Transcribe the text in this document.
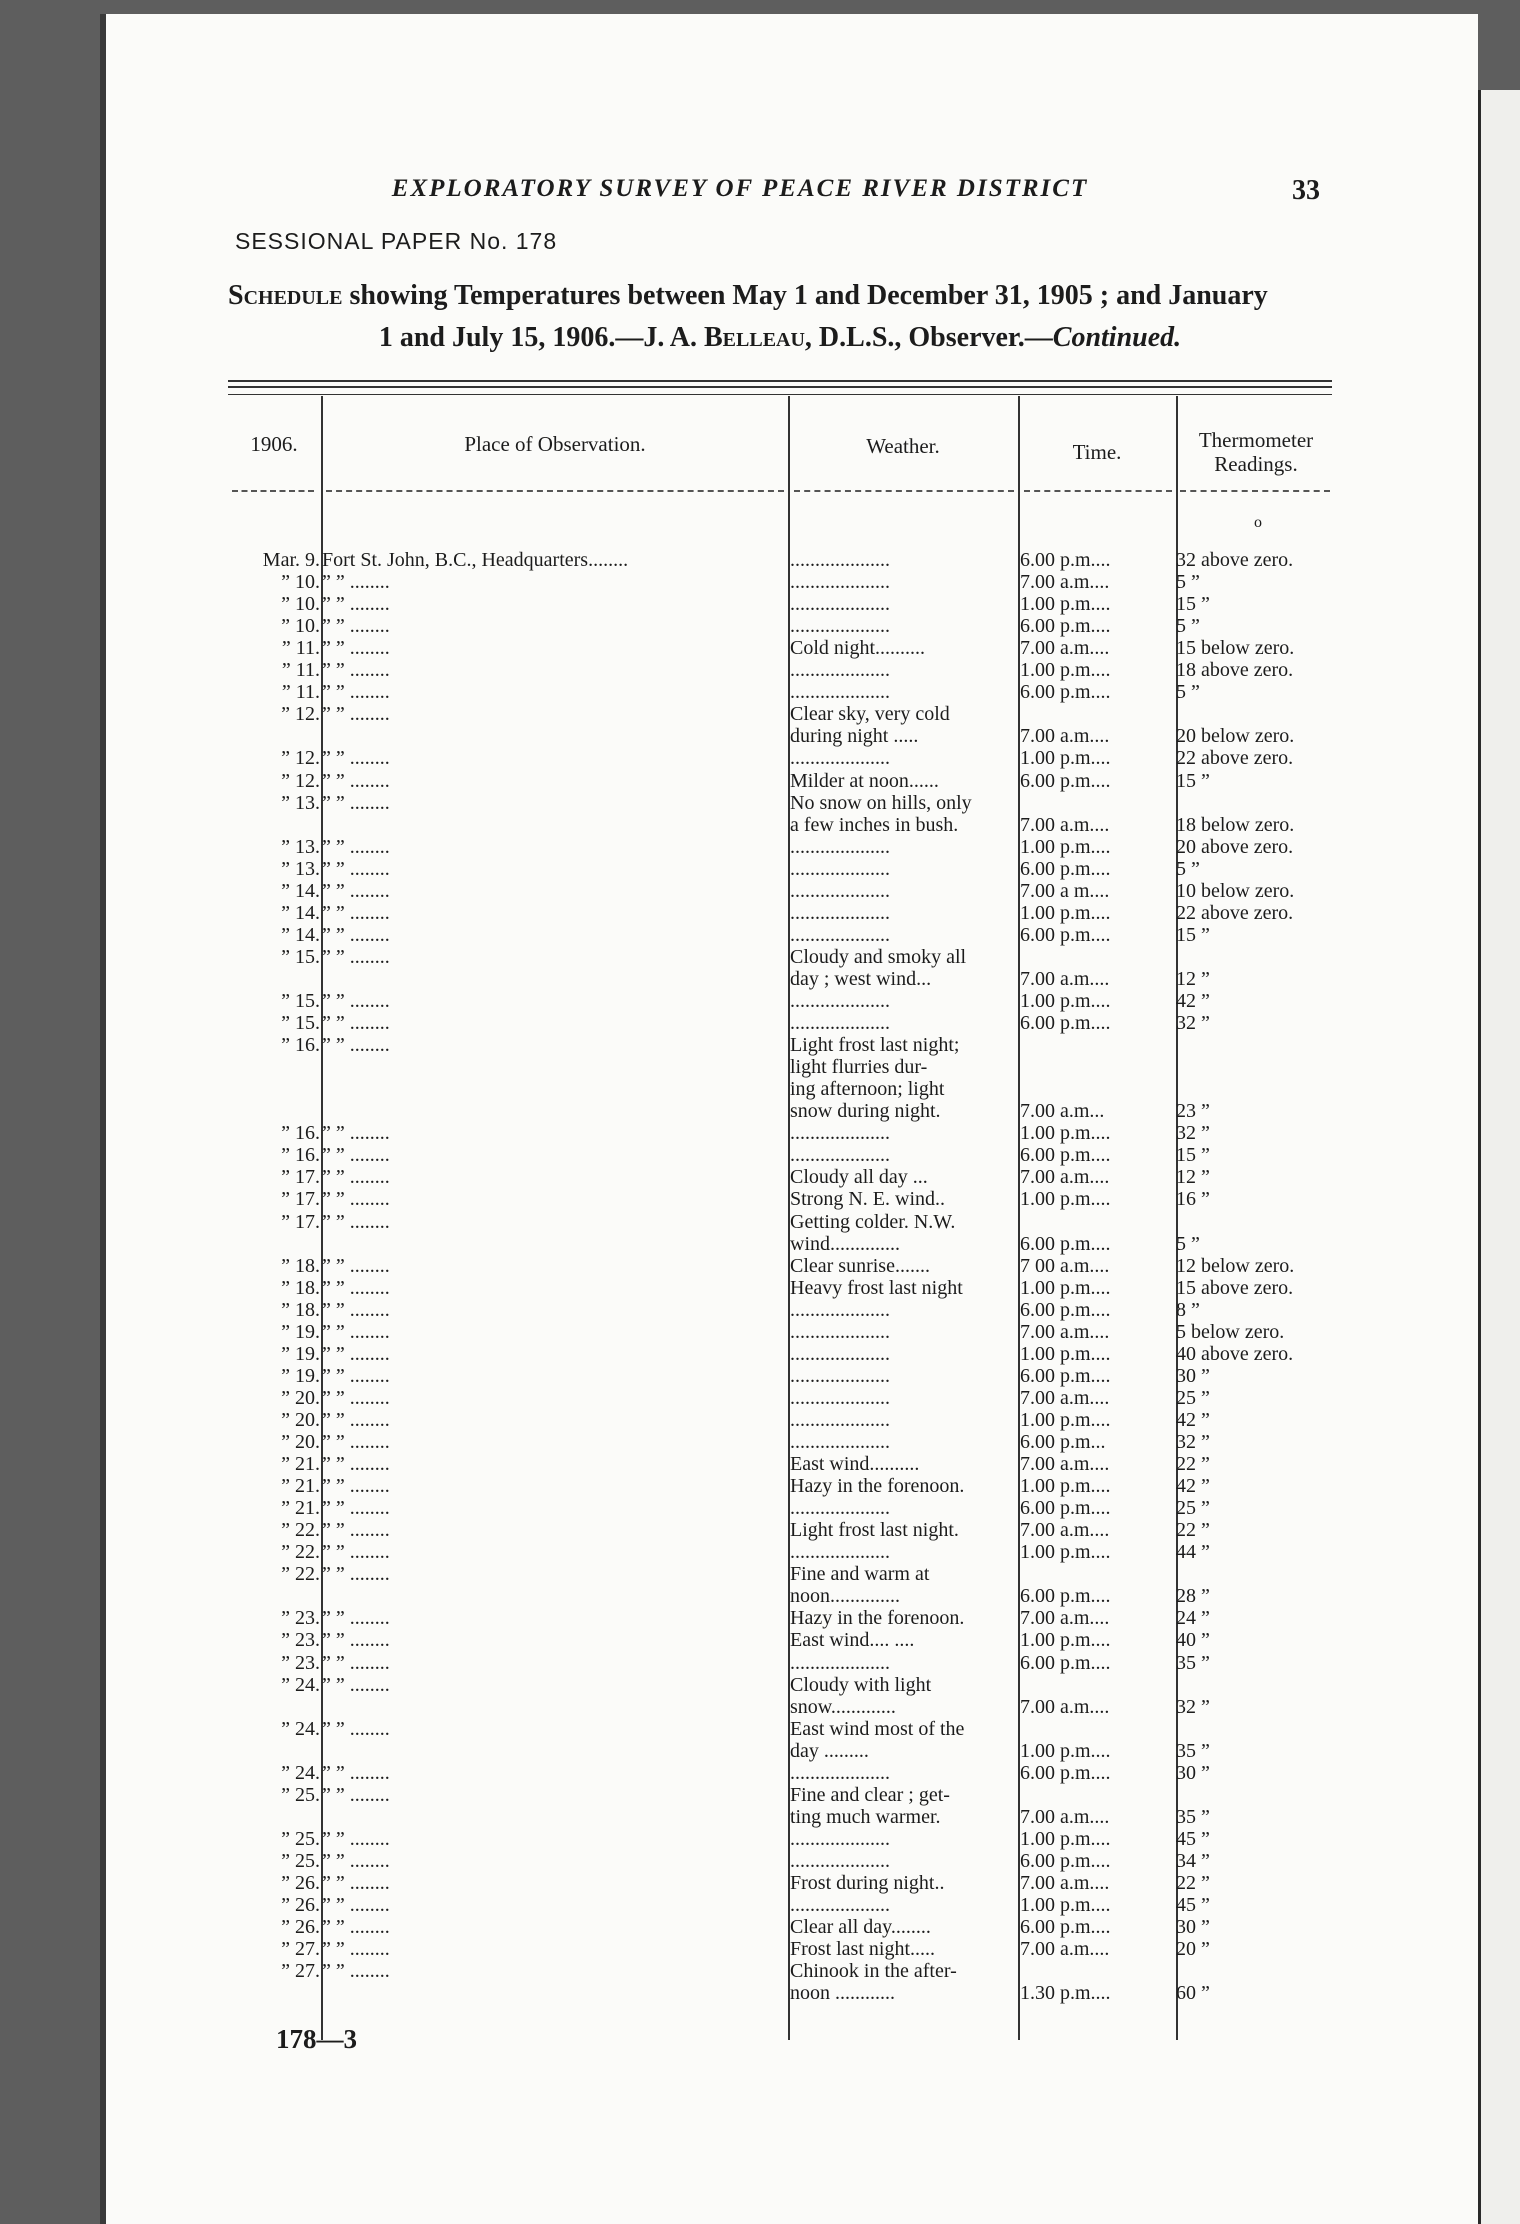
EXPLORATORY SURVEY OF PEACE RIVER DISTRICT	33
SESSIONAL PAPER No. 178
Schedule showing Temperatures between May 1 and December 31, 1905 ; and January
1 and July 15, 1906.—J. A. Belleau, D.L.S., Observer.—Continued.
1906.	Place of Observation.	Weather.	Time.	Thermometer
Readings.
o
Mar. 9. Fort St. John, B.C., Headquarters........	....................	6.00 p.m....	32 above zero.
” 10. ” ” ........	....................	7.00 a.m....	5 ”
” 10. ” ” ........	....................	1.00 p.m....	15 ”
” 10. ” ” ........	....................	6.00 p.m....	5 ”
” 11. ” ” ........	Cold night..........	7.00 a.m....	15 below zero.
” 11. ” ” ........	....................	1.00 p.m....	18 above zero.
” 11. ” ” ........	....................	6.00 p.m....	5 ”
” 12. ” ” ........	Clear sky, very cold
during night .....	7.00 a.m....	20 below zero.
” 12. ” ” ........	....................	1.00 p.m....	22 above zero.
” 12. ” ” ........	Milder at noon......	6.00 p.m....	15 ”
” 13. ” ” ........	No snow on hills, only
a few inches in bush.	7.00 a.m....	18 below zero.
” 13. ” ” ........	....................	1.00 p.m....	20 above zero.
” 13. ” ” ........	....................	6.00 p.m....	5 ”
” 14. ” ” ........	....................	7.00 a m....	10 below zero.
” 14. ” ” ........	....................	1.00 p.m....	22 above zero.
” 14. ” ” ........	....................	6.00 p.m....	15 ”
” 15. ” ” ........	Cloudy and smoky all
day ; west wind...	7.00 a.m....	12 ”
” 15. ” ” ........	....................	1.00 p.m....	42 ”
” 15. ” ” ........	....................	6.00 p.m....	32 ”
” 16. ” ” ........	Light frost last night;
light flurries dur-
ing afternoon; light
snow during night.	7.00 a.m...	23 ”
” 16. ” ” ........	....................	1.00 p.m....	32 ”
” 16. ” ” ........	....................	6.00 p.m....	15 ”
” 17. ” ” ........	Cloudy all day ...	7.00 a.m....	12 ”
” 17. ” ” ........	Strong N. E. wind..	1.00 p.m....	16 ”
” 17. ” ” ........	Getting colder. N.W.
wind..............	6.00 p.m....	5 ”
” 18. ” ” ........	Clear sunrise.......	7 00 a.m....	12 below zero.
” 18. ” ” ........	Heavy frost last night	1.00 p.m....	15 above zero.
” 18. ” ” ........	....................	6.00 p.m....	8 ”
” 19. ” ” ........	....................	7.00 a.m....	5 below zero.
” 19. ” ” ........	....................	1.00 p.m....	40 above zero.
” 19. ” ” ........	....................	6.00 p.m....	30 ”
” 20. ” ” ........	....................	7.00 a.m....	25 ”
” 20. ” ” ........	....................	1.00 p.m....	42 ”
” 20. ” ” ........	....................	6.00 p.m...	32 ”
” 21. ” ” ........	East wind..........	7.00 a.m....	22 ”
” 21. ” ” ........	Hazy in the forenoon.	1.00 p.m....	42 ”
” 21. ” ” ........	....................	6.00 p.m....	25 ”
” 22. ” ” ........	Light frost last night.	7.00 a.m....	22 ”
” 22. ” ” ........	....................	1.00 p.m....	44 ”
” 22. ” ” ........	Fine and warm at
noon..............	6.00 p.m....	28 ”
” 23. ” ” ........	Hazy in the forenoon.	7.00 a.m....	24 ”
” 23. ” ” ........	East wind.... ....	1.00 p.m....	40 ”
” 23. ” ” ........	....................	6.00 p.m....	35 ”
” 24. ” ” ........	Cloudy with light
snow.............	7.00 a.m....	32 ”
” 24. ” ” ........	East wind most of the
day .........	1.00 p.m....	35 ”
” 24. ” ” ........	....................	6.00 p.m....	30 ”
” 25. ” ” ........	Fine and clear ; get-
ting much warmer.	7.00 a.m....	35 ”
” 25. ” ” ........	....................	1.00 p.m....	45 ”
” 25. ” ” ........	....................	6.00 p.m....	34 ”
” 26. ” ” ........	Frost during night..	7.00 a.m....	22 ”
” 26. ” ” ........	....................	1.00 p.m....	45 ”
” 26. ” ” ........	Clear all day........	6.00 p.m....	30 ”
” 27. ” ” ........	Frost last night.....	7.00 a.m....	20 ”
” 27. ” ” ........	Chinook in the after-
noon ............	1.30 p.m....	60 ”
178—3
